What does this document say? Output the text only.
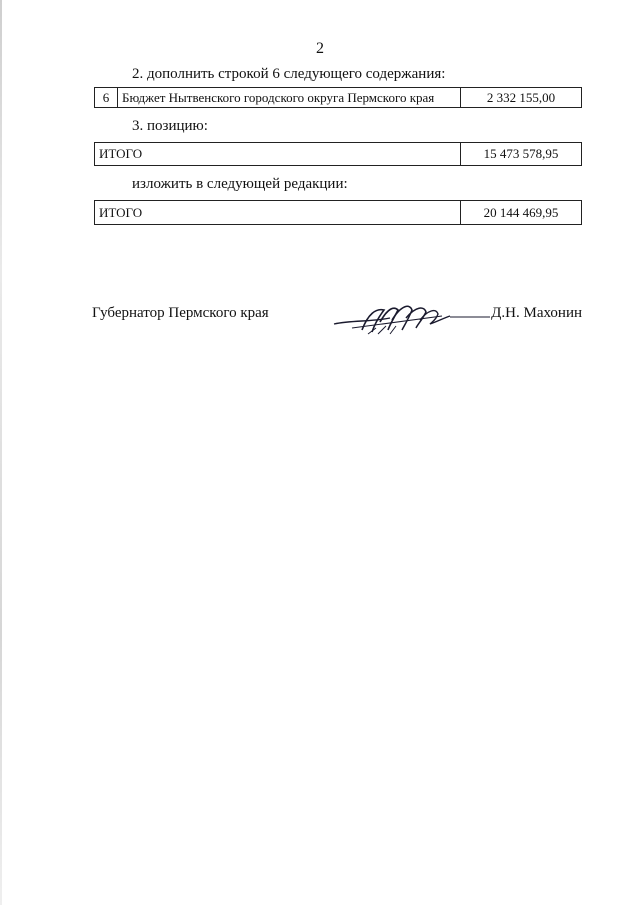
2
2. дополнить строкой 6 следующего содержания:
6	Бюджет Нытвенского городского округа Пермского края	2 332 155,00
3. позицию:
ИТОГО	15 473 578,95
изложить в следующей редакции:
ИТОГО	20 144 469,95
Губернатор Пермского края	Д.Н. Махонин
